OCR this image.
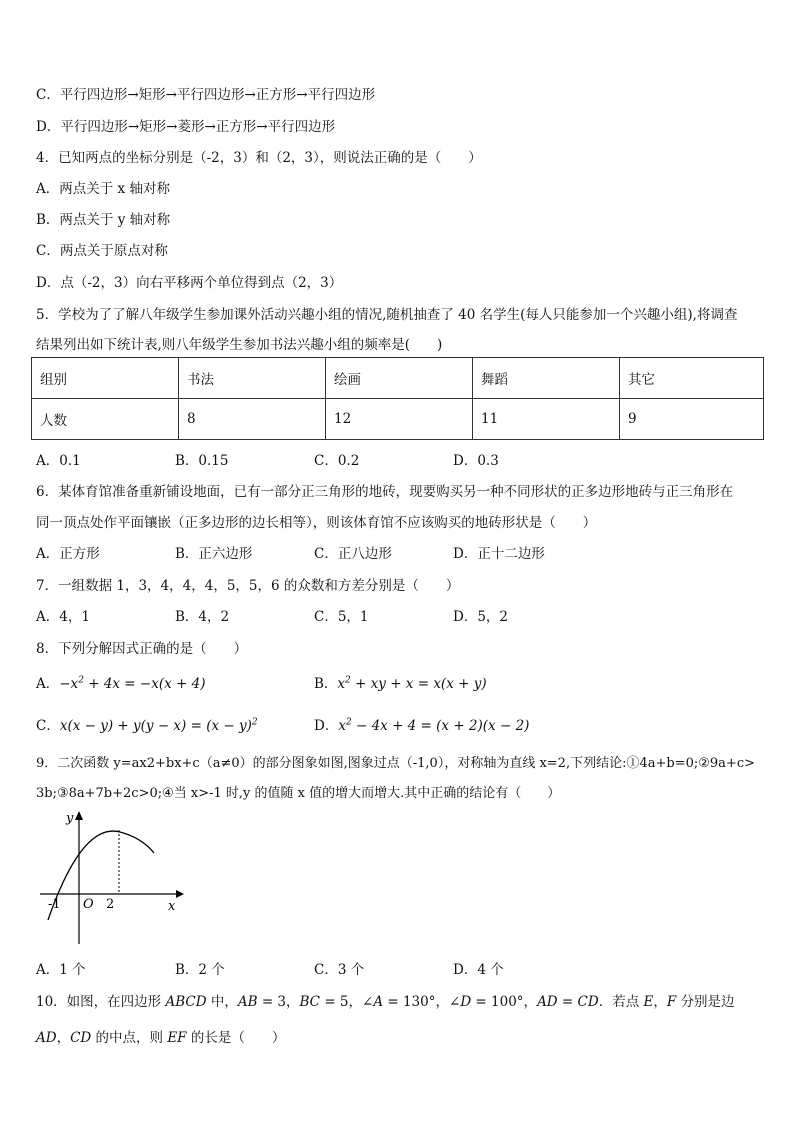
C．平行四边形→矩形→平行四边形→正方形→平行四边形
D．平行四边形→矩形→菱形→正方形→平行四边形
4．已知两点的坐标分别是（-2，3）和（2，3），则说法正确的是（　　）
A．两点关于 x 轴对称
B．两点关于 y 轴对称
C．两点关于原点对称
D．点（-2，3）向右平移两个单位得到点（2，3）
5．学校为了了解八年级学生参加课外活动兴趣小组的情况,随机抽查了 40 名学生(每人只能参加一个兴趣小组),将调查
结果列出如下统计表,则八年级学生参加书法兴趣小组的频率是(　　)
组别	书法	绘画	舞蹈	其它
人数	8	12	11	9
A．0.1	B．0.15	C．0.2	D．0.3
6．某体育馆准备重新铺设地面，已有一部分正三角形的地砖，现要购买另一种不同形状的正多边形地砖与正三角形在
同一顶点处作平面镶嵌（正多边形的边长相等），则该体育馆不应该购买的地砖形状是（　　）
A．正方形	B．正六边形	C．正八边形	D．正十二边形
7．一组数据 1，3，4，4，4，5，5，6 的众数和方差分别是（　　）
A．4，1	B．4，2	C．5，1	D．5，2
8．下列分解因式正确的是（　　）
A．$-x^2 + 4x = -x(x + 4)$	B．$x^2$ + xy + x = x(x + y)
C．$x(x - y) + y(y - x) = (x - y)^2$	D．$x^2 - 4x + 4 = (x + 2)(x - 2)$
9．二次函数 y=ax2+bx+c（a≠0）的部分图象如图,图象过点（-1,0），对称轴为直线 x=2,下列结论:①4a+b=0;②9a+c>
3b;③8a+7b+2c>0;④当 x>-1 时,y 的值随 x 值的增大而增大.其中正确的结论有（　　）
y
x
-1 O 2
A．1 个	B．2 个	C．3 个	D．4 个
10．如图，在四边形 ABCD 中，AB = 3，BC = 5，∠A = 130°，∠D = 100°，AD = CD．若点 E，F 分别是边
AD，CD 的中点，则 EF 的长是（　　）
